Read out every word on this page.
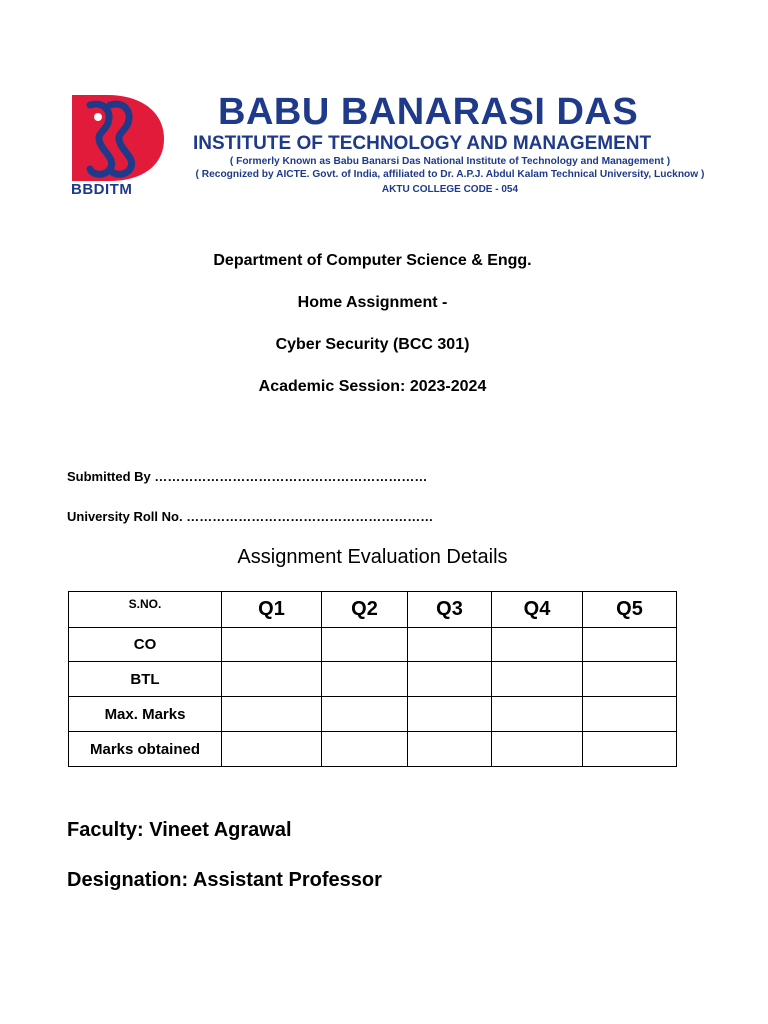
BBDITM
BABU BANARASI DAS
INSTITUTE OF TECHNOLOGY AND MANAGEMENT
( Formerly Known as Babu Banarsi Das National Institute of Technology and Management )
( Recognized by AICTE. Govt. of India, affiliated to Dr. A.P.J. Abdul Kalam Technical University, Lucknow )
AKTU COLLEGE CODE - 054
Department of Computer Science & Engg.
Home Assignment -
Cyber Security (BCC 301)
Academic Session: 2023-2024
Submitted By ………………………………………………………
University Roll No. …………………………………………………
Assignment Evaluation Details
S.NO.	Q1	Q2	Q3	Q4	Q5
CO					
BTL					
Max. Marks					
Marks obtained					
Faculty: Vineet Agrawal
Designation: Assistant Professor
